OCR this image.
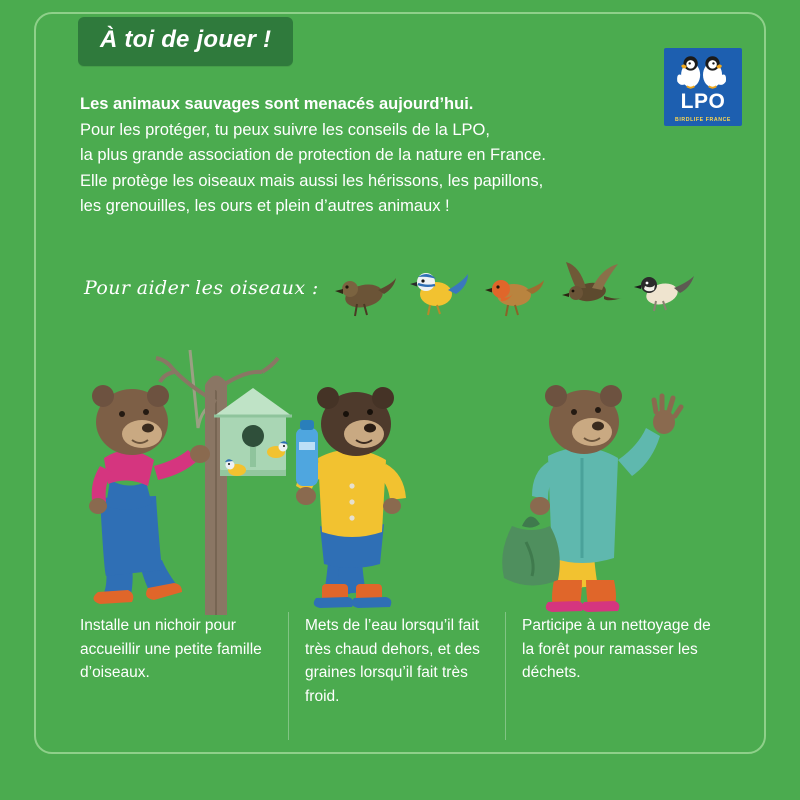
À toi de jouer !
LPO
BIRDLIFE FRANCE
Les animaux sauvages sont menacés aujourd’hui.
Pour les protéger, tu peux suivre les conseils de la LPO,
la plus grande association de protection de la nature en France.
Elle protège les oiseaux mais aussi les hérissons, les papillons,
les grenouilles, les ours et plein d’autres animaux !
Pour aider les oiseaux :
Installe un nichoir pour accueillir une petite famille d’oiseaux.
Mets de l’eau lorsqu’il fait très chaud dehors, et des graines lorsqu’il fait très froid.
Participe à un nettoyage de la forêt pour ramasser les déchets.
